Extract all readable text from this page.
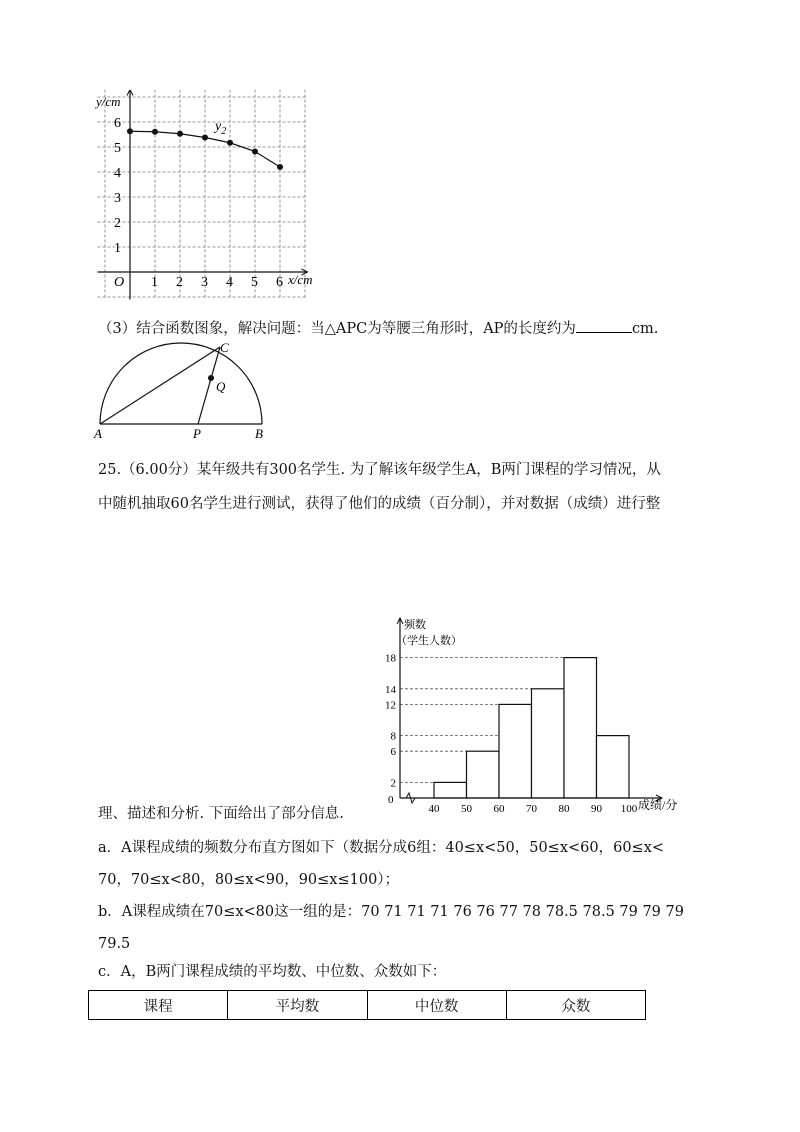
1 2 3 4 5 6
1
2
3
4
5
6
y/cm
x/cm
O
$y_2$
（3）结合函数图象，解决问题：当△APC为等腰三角形时，AP的长度约为	cm.
A	P	B
C
Q
25.（6.00分）某年级共有300名学生. 为了解该年级学生A，B两门课程的学习情况，从
中随机抽取60名学生进行测试，获得了他们的成绩（百分制），并对数据（成绩）进行整
理、描述和分析. 下面给出了部分信息.
2
6
8
12
14
18
40 50 60 70 80 90 100
频数
（学生人数）
成绩/分
0
a．A课程成绩的频数分布直方图如下（数据分成6组：40≤x<50，50≤x<60，60≤x<
70，70≤x<80，80≤x<90，90≤x≤100）；
b．A课程成绩在70≤x<80这一组的是：70 71 71 71 76 76 77 78 78.5 78.5 79 79 79
79.5
c．A，B两门课程成绩的平均数、中位数、众数如下：
课程	平均数	中位数	众数
